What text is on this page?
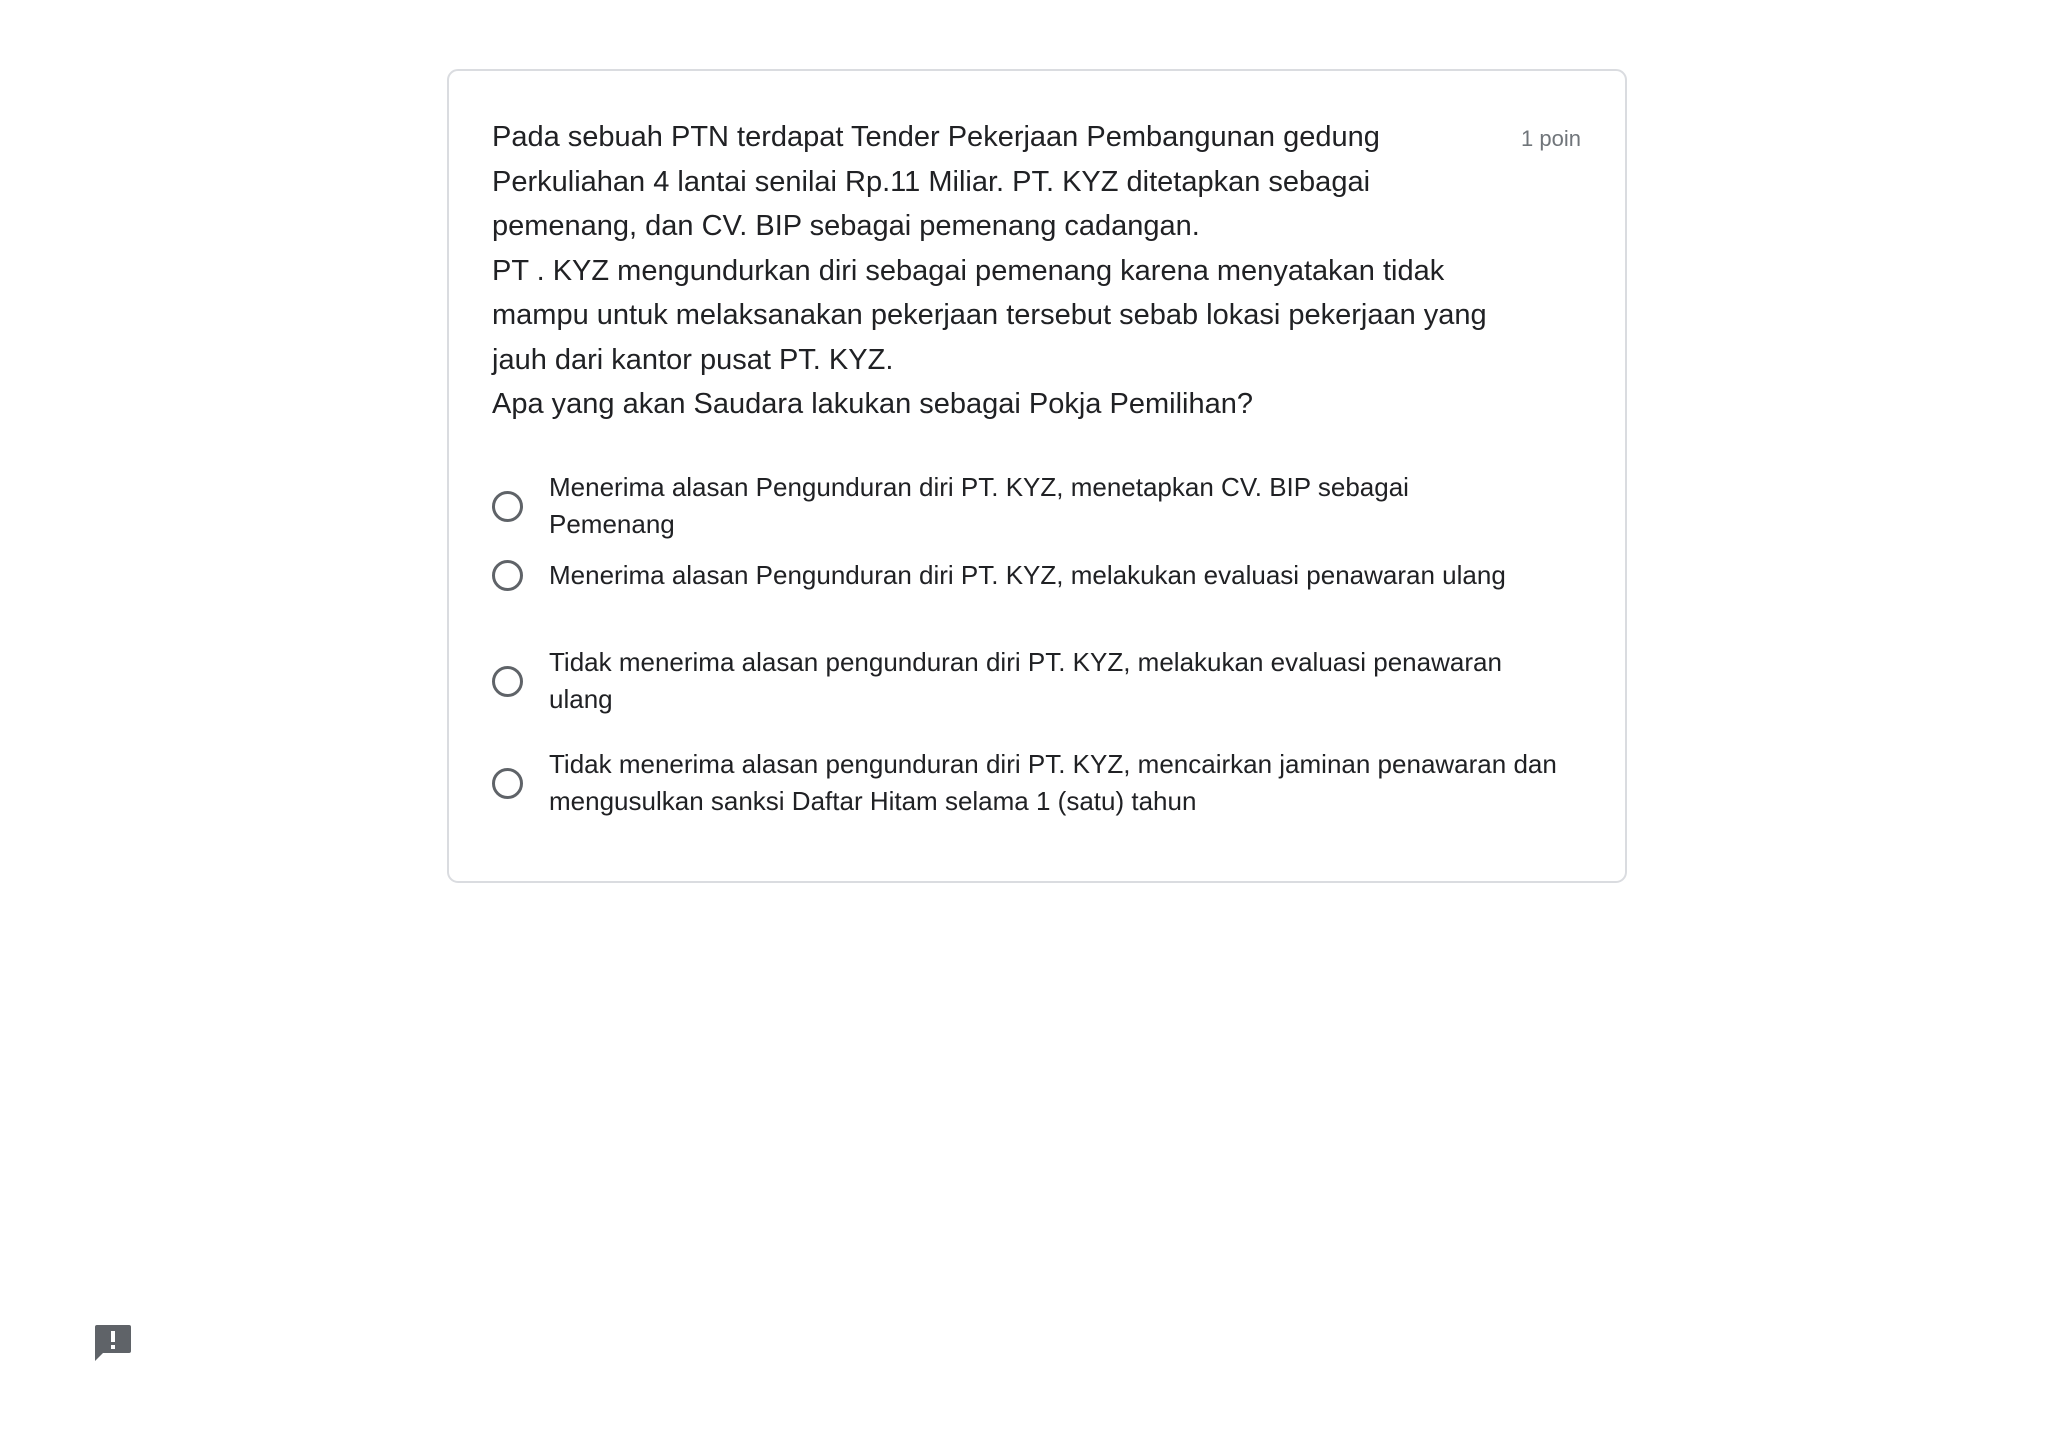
Pada sebuah PTN terdapat Tender Pekerjaan Pembangunan gedung
Perkuliahan 4 lantai senilai Rp.11 Miliar. PT. KYZ ditetapkan sebagai
pemenang, dan CV. BIP sebagai pemenang cadangan.
PT . KYZ mengundurkan diri sebagai pemenang karena menyatakan tidak
mampu untuk melaksanakan pekerjaan tersebut sebab lokasi pekerjaan yang
jauh dari kantor pusat PT. KYZ.
Apa yang akan Saudara lakukan sebagai Pokja Pemilihan?

1 poin
Menerima alasan Pengunduran diri PT. KYZ, menetapkan CV. BIP sebagai Pemenang
Menerima alasan Pengunduran diri PT. KYZ, melakukan evaluasi penawaran ulang
Tidak menerima alasan pengunduran diri PT. KYZ, melakukan evaluasi penawaran ulang
Tidak menerima alasan pengunduran diri PT. KYZ, mencairkan jaminan penawaran dan mengusulkan sanksi Daftar Hitam selama 1 (satu) tahun
